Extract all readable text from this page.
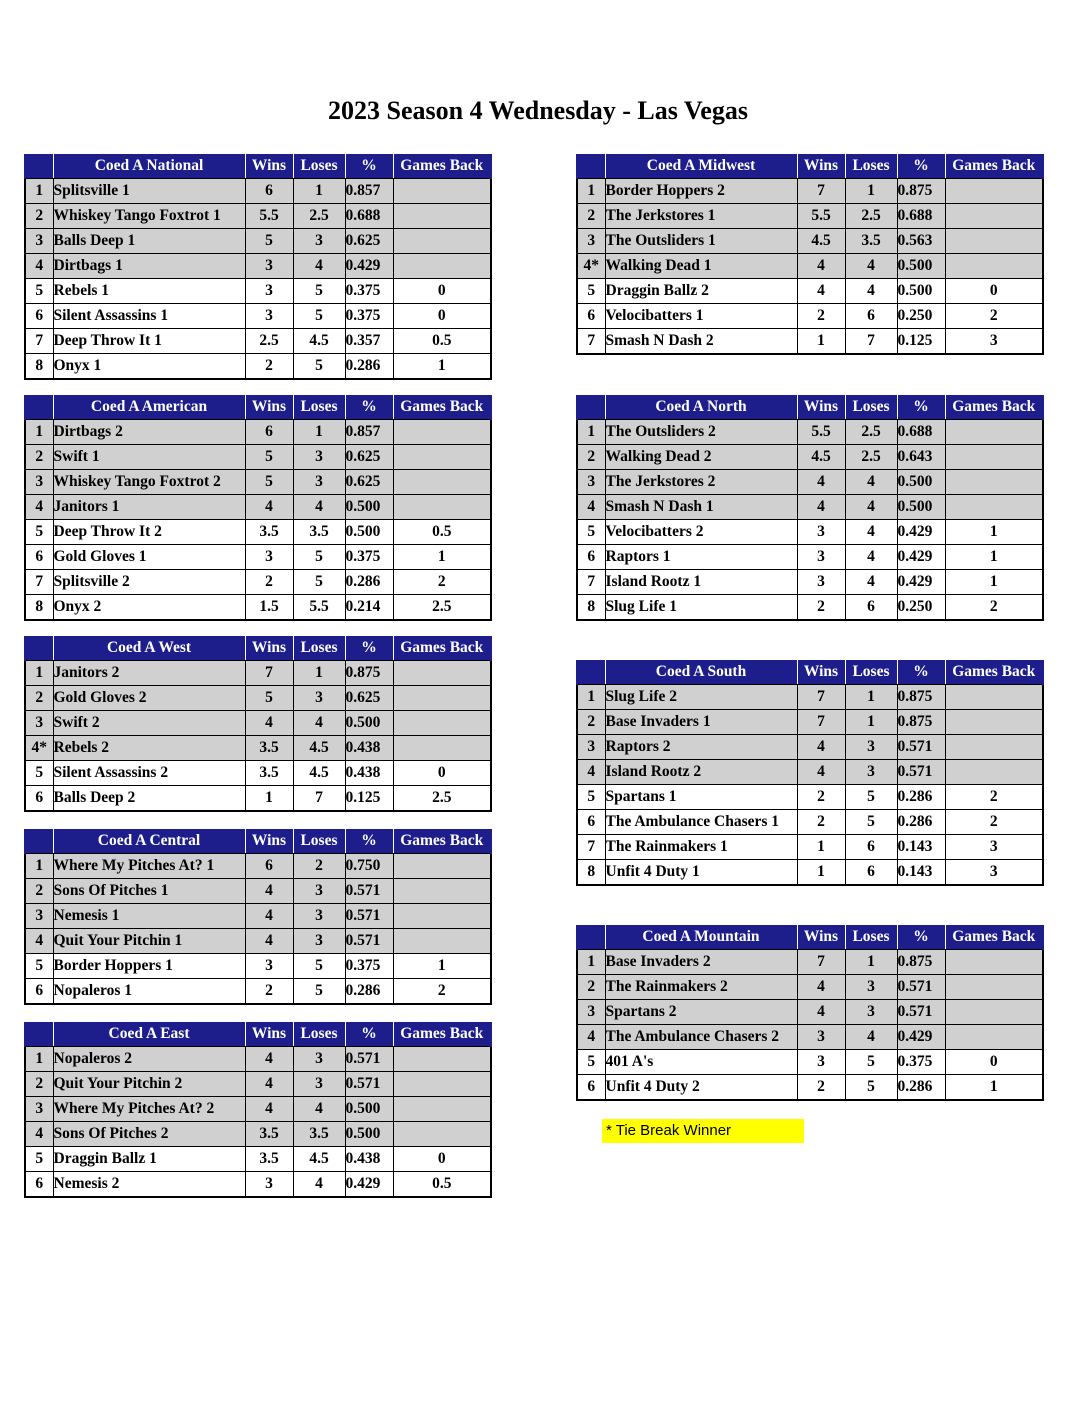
2023 Season 4 Wednesday - Las Vegas
	Coed A National	Wins	Loses	%	Games Back
1	Splitsville 1	6	1	0.857	
2	Whiskey Tango Foxtrot 1	5.5	2.5	0.688	
3	Balls Deep 1	5	3	0.625	
4	Dirtbags 1	3	4	0.429	
5	Rebels 1	3	5	0.375	0
6	Silent Assassins 1	3	5	0.375	0
7	Deep Throw It 1	2.5	4.5	0.357	0.5
8	Onyx 1	2	5	0.286	1
	Coed A American	Wins	Loses	%	Games Back
1	Dirtbags 2	6	1	0.857	
2	Swift 1	5	3	0.625	
3	Whiskey Tango Foxtrot 2	5	3	0.625	
4	Janitors 1	4	4	0.500	
5	Deep Throw It 2	3.5	3.5	0.500	0.5
6	Gold Gloves 1	3	5	0.375	1
7	Splitsville 2	2	5	0.286	2
8	Onyx 2	1.5	5.5	0.214	2.5
	Coed A West	Wins	Loses	%	Games Back
1	Janitors 2	7	1	0.875	
2	Gold Gloves 2	5	3	0.625	
3	Swift 2	4	4	0.500	
4*	Rebels 2	3.5	4.5	0.438	
5	Silent Assassins 2	3.5	4.5	0.438	0
6	Balls Deep 2	1	7	0.125	2.5
	Coed A Central	Wins	Loses	%	Games Back
1	Where My Pitches At? 1	6	2	0.750	
2	Sons Of Pitches 1	4	3	0.571	
3	Nemesis 1	4	3	0.571	
4	Quit Your Pitchin 1	4	3	0.571	
5	Border Hoppers 1	3	5	0.375	1
6	Nopaleros 1	2	5	0.286	2
	Coed A East	Wins	Loses	%	Games Back
1	Nopaleros 2	4	3	0.571	
2	Quit Your Pitchin 2	4	3	0.571	
3	Where My Pitches At? 2	4	4	0.500	
4	Sons Of Pitches 2	3.5	3.5	0.500	
5	Draggin Ballz 1	3.5	4.5	0.438	0
6	Nemesis 2	3	4	0.429	0.5
	Coed A Midwest	Wins	Loses	%	Games Back
1	Border Hoppers 2	7	1	0.875	
2	The Jerkstores 1	5.5	2.5	0.688	
3	The Outsliders 1	4.5	3.5	0.563	
4*	Walking Dead 1	4	4	0.500	
5	Draggin Ballz 2	4	4	0.500	0
6	Velocibatters 1	2	6	0.250	2
7	Smash N Dash 2	1	7	0.125	3
	Coed A North	Wins	Loses	%	Games Back
1	The Outsliders 2	5.5	2.5	0.688	
2	Walking Dead 2	4.5	2.5	0.643	
3	The Jerkstores 2	4	4	0.500	
4	Smash N Dash 1	4	4	0.500	
5	Velocibatters 2	3	4	0.429	1
6	Raptors 1	3	4	0.429	1
7	Island Rootz 1	3	4	0.429	1
8	Slug Life 1	2	6	0.250	2
	Coed A South	Wins	Loses	%	Games Back
1	Slug Life 2	7	1	0.875	
2	Base Invaders 1	7	1	0.875	
3	Raptors 2	4	3	0.571	
4	Island Rootz 2	4	3	0.571	
5	Spartans 1	2	5	0.286	2
6	The Ambulance Chasers 1	2	5	0.286	2
7	The Rainmakers 1	1	6	0.143	3
8	Unfit 4 Duty 1	1	6	0.143	3
	Coed A Mountain	Wins	Loses	%	Games Back
1	Base Invaders 2	7	1	0.875	
2	The Rainmakers 2	4	3	0.571	
3	Spartans 2	4	3	0.571	
4	The Ambulance Chasers 2	3	4	0.429	
5	401 A's	3	5	0.375	0
6	Unfit 4 Duty 2	2	5	0.286	1
* Tie Break Winner
